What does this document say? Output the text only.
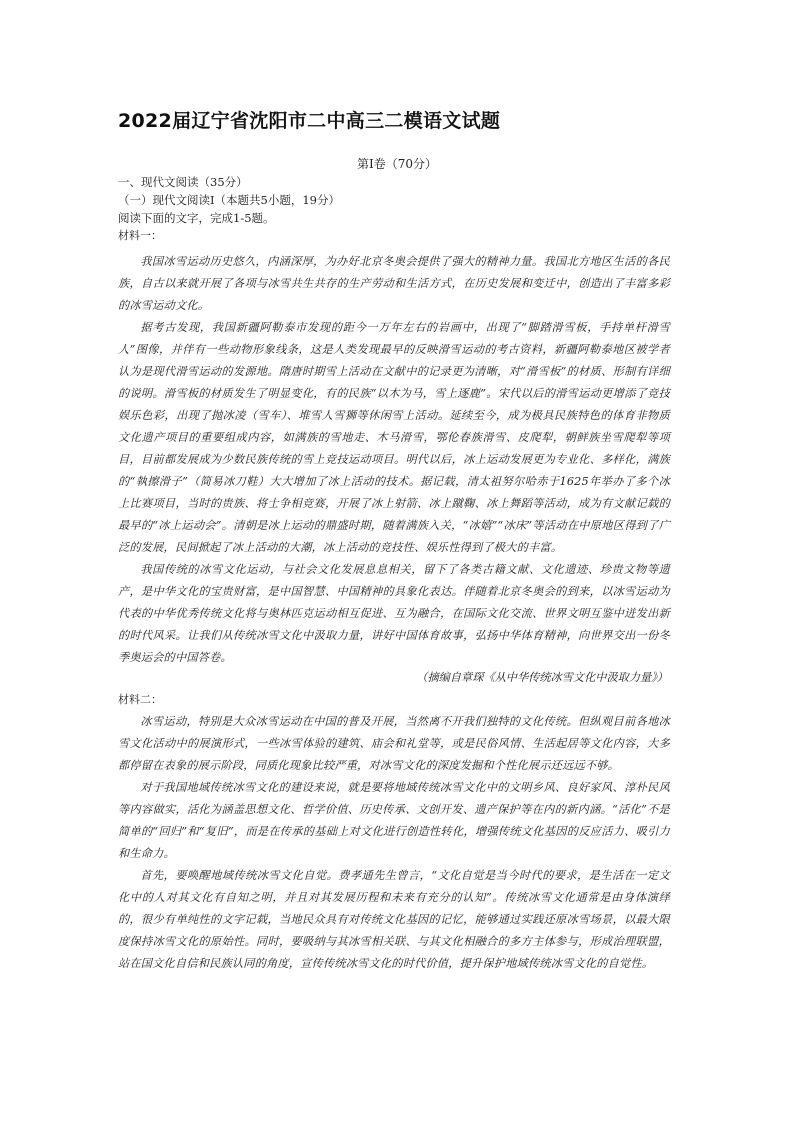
2022届辽宁省沈阳市二中高三二模语文试题
第Ⅰ卷（70分）
一、现代文阅读（35分）
（一）现代文阅读Ⅰ（本题共5小题，19分）
阅读下面的文字，完成1-5题。
材料一：

我国冰雪运动历史悠久，内涵深厚，为办好北京冬奥会提供了强大的精神力量。我国北方地区生活的各民族，自古以来就开展了各项与冰雪共生共存的生产劳动和生活方式，在历史发展和变迁中，创造出了丰富多彩的冰雪运动文化。

据考古发现，我国新疆阿勒泰市发现的距今一万年左右的岩画中，出现了“脚踏滑雪板，手持单杆滑雪人”图像，并伴有一些动物形象线条，这是人类发现最早的反映滑雪运动的考古资料，新疆阿勒泰地区被学者认为是现代滑雪运动的发源地。隋唐时期雪上活动在文献中的记录更为清晰，对“滑雪板”的材质、形制有详细的说明。滑雪板的材质发生了明显变化，有的民族“以木为马，雪上逐鹿”。宋代以后的滑雪运动更增添了竞技娱乐色彩，出现了抛冰凌（雪车）、堆雪人雪狮等休闲雪上活动。延续至今，成为极具民族特色的体育非物质文化遗产项目的重要组成内容，如满族的雪地走、木马滑雪，鄂伦春族滑雪、皮爬犁，朝鲜族坐雪爬犁等项目，目前都发展成为少数民族传统的雪上竞技运动项目。明代以后，冰上运动发展更为专业化、多样化，满族的“執擦滑子”（简易冰刀鞋）大大增加了冰上活动的技术。据记载，清太祖努尔哈赤于1625年举办了多个冰上比赛项目，当时的贵族、将士争相竞赛，开展了冰上射箭、冰上蹴鞠、冰上舞蹈等活动，成为有文献记载的最早的“冰上运动会”。清朝是冰上运动的鼎盛时期，随着满族入关，“冰嬉”“冰床”等活动在中原地区得到了广泛的发展，民间掀起了冰上活动的大潮，冰上活动的竞技性、娱乐性得到了极大的丰富。

我国传统的冰雪文化运动，与社会文化发展息息相关，留下了各类古籍文献、文化遗迹、珍贵文物等遗产，是中华文化的宝贵财富，是中国智慧、中国精神的具象化表达。伴随着北京冬奥会的到来，以冰雪运动为代表的中华优秀传统文化将与奥林匹克运动相互促进、互为融合，在国际文化交流、世界文明互鉴中迸发出新的时代风采。让我们从传统冰雪文化中汲取力量，讲好中国体育故事，弘扬中华体育精神，向世界交出一份冬季奥运会的中国答卷。

（摘编自章琛《从中华传统冰雪文化中汲取力量》）
材料二：

冰雪运动，特别是大众冰雪运动在中国的普及开展，当然离不开我们独特的文化传统。但纵观目前各地冰雪文化活动中的展演形式，一些冰雪体验的建筑、庙会和礼堂等，或是民俗风情、生活起居等文化内容，大多都停留在表象的展示阶段，同质化现象比较严重，对冰雪文化的深度发掘和个性化展示还远远不够。

对于我国地域传统冰雪文化的建设来说，就是要将地域传统冰雪文化中的文明乡风、良好家风、淳朴民风等内容做实，活化为涵盖思想文化、哲学价值、历史传承、文创开发、遗产保护等在内的新内涵。“活化”不是简单的“回归”和“复旧”，而是在传承的基础上对文化进行创造性转化，增强传统文化基因的反应活力、吸引力和生命力。

首先，要唤醒地域传统冰雪文化自觉。费孝通先生曾言，“文化自觉是当今时代的要求，是生活在一定文化中的人对其文化有自知之明，并且对其发展历程和未来有充分的认知”。传统冰雪文化通常是由身体演绎的，很少有单纯性的文字记载，当地民众具有对传统文化基因的记忆，能够通过实践还原冰雪场景，以最大限度保持冰雪文化的原始性。同时，要吸纳与其冰雪相关联、与其文化相融合的多方主体参与，形成治理联盟，站在国文化自信和民族认同的角度，宣传传统冰雪文化的时代价值，提升保护地域传统冰雪文化的自觉性。
